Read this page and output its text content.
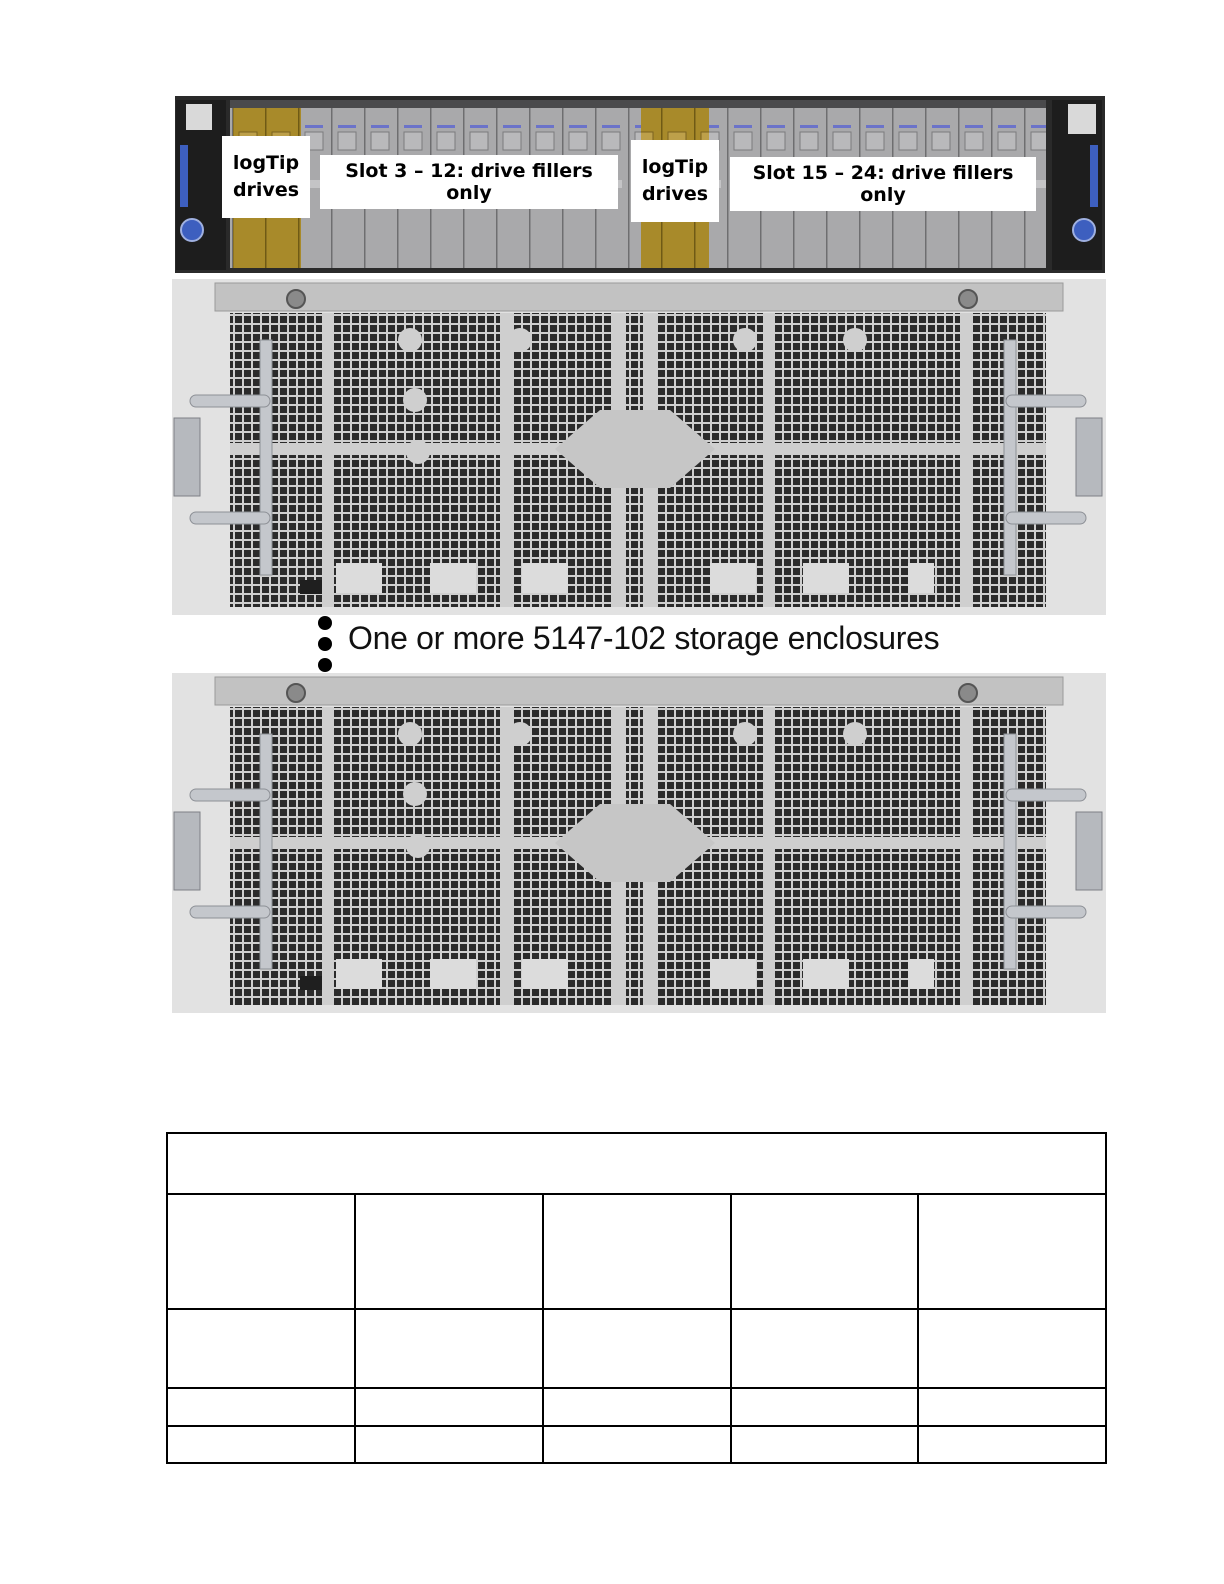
logTip
drives
Slot 3 – 12: drive fillers only
logTip
drives
Slot 15 – 24: drive fillers only
One or more 5147-102 storage enclosures
